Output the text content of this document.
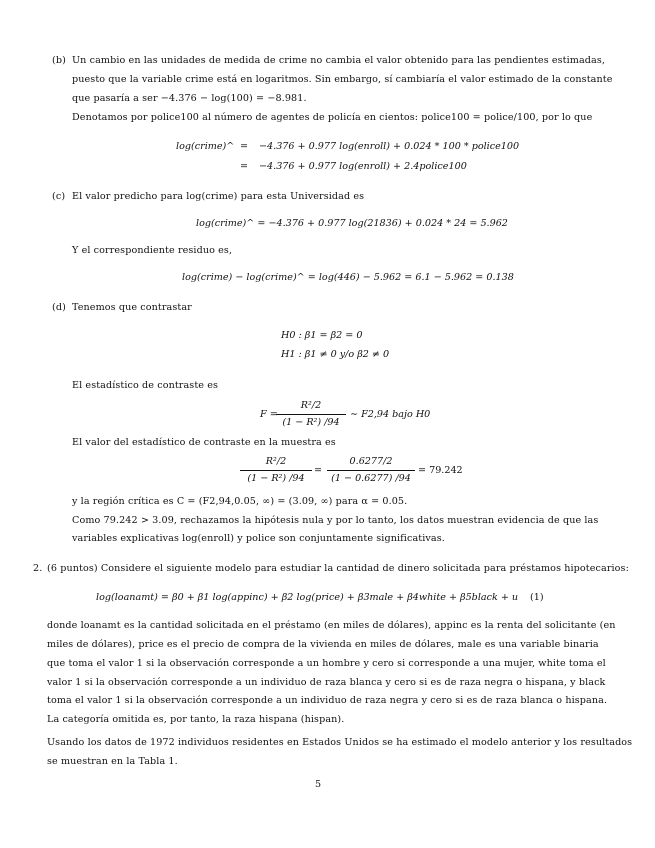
(b) Un cambio en las unidades de medida de crime no cambia el valor obtenido para las pendientes estimadas,
puesto que la variable crime está en logaritmos. Sin embargo, sí cambiaría el valor estimado de la constante
que pasaría a ser −4.376 − log(100) = −8.981.
Denotamos por police100 al número de agentes de policía en cientos: police100 = police/100, por lo que
log(crime)^ = −4.376 + 0.977 log(enroll) + 0.024 * 100 * police100
= −4.376 + 0.977 log(enroll) + 2.4police100
(c) El valor predicho para log(crime) para esta Universidad es
log(crime)^ = −4.376 + 0.977 log(21836) + 0.024 * 24 = 5.962
Y el correspondiente residuo es,
log(crime) − log(crime)^ = log(446) − 5.962 = 6.1 − 5.962 = 0.138
(d) Tenemos que contrastar
H0 : β1 = β2 = 0
H1 : β1 ≠ 0 y/o β2 ≠ 0
El estadístico de contraste es
F =
R²/2
(1 − R²) /94
∼ F2,94 bajo H0
El valor del estadístico de contraste en la muestra es
R²/2
(1 − R²) /94
=
0.6277/2
(1 − 0.6277) /94
= 79.242
y la región crítica es C = (F2,94,0.05, ∞) = (3.09, ∞) para α = 0.05.
Como 79.242 > 3.09, rechazamos la hipótesis nula y por lo tanto, los datos muestran evidencia de que las
variables explicativas log(enroll) y police son conjuntamente significativas.
2. (6 puntos) Considere el siguiente modelo para estudiar la cantidad de dinero solicitada para préstamos hipotecarios:
log(loanamt) = β0 + β1 log(appinc) + β2 log(price) + β3male + β4white + β5black + u (1)
donde loanamt es la cantidad solicitada en el préstamo (en miles de dólares), appinc es la renta del solicitante (en
miles de dólares), price es el precio de compra de la vivienda en miles de dólares, male es una variable binaria
que toma el valor 1 si la observación corresponde a un hombre y cero si corresponde a una mujer, white toma el
valor 1 si la observación corresponde a un individuo de raza blanca y cero si es de raza negra o hispana, y black
toma el valor 1 si la observación corresponde a un individuo de raza negra y cero si es de raza blanca o hispana.
La categoría omitida es, por tanto, la raza hispana (hispan).
Usando los datos de 1972 individuos residentes en Estados Unidos se ha estimado el modelo anterior y los resultados
se muestran en la Tabla 1.
5
